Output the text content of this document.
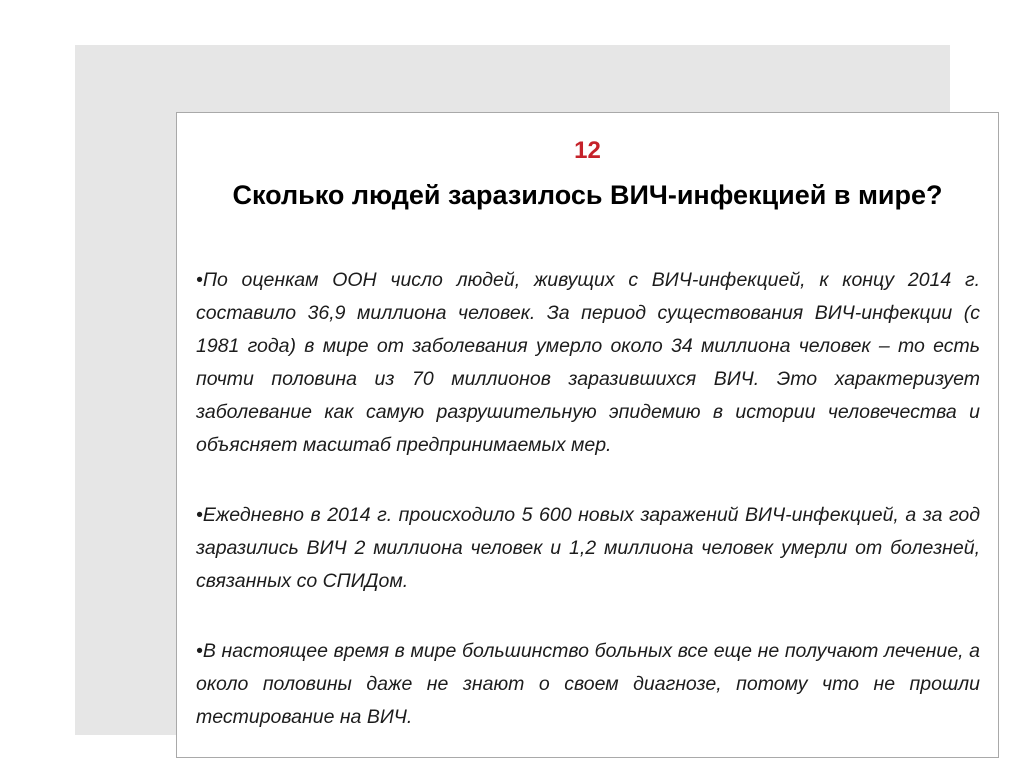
12
Сколько людей заразилось ВИЧ-инфекцией в мире?

•По оценкам ООН число людей, живущих с ВИЧ-инфекцией, к концу 2014 г. составило 36,9 миллиона человек. За период существования ВИЧ-инфекции (с 1981 года) в мире от заболевания умерло около 34 миллиона человек – то есть почти половина из 70 миллионов заразившихся ВИЧ. Это характеризует заболевание как самую разрушительную эпидемию в истории человечества и объясняет масштаб предпринимаемых мер.

•Ежедневно в 2014 г. происходило 5 600 новых заражений ВИЧ-инфекцией, а за год заразились ВИЧ 2 миллиона человек и 1,2 миллиона человек умерли от болезней, связанных со СПИДом.

•В настоящее время в мире большинство больных все еще не получают лечение, а около половины даже не знают о своем диагнозе, потому что не прошли тестирование на ВИЧ.
